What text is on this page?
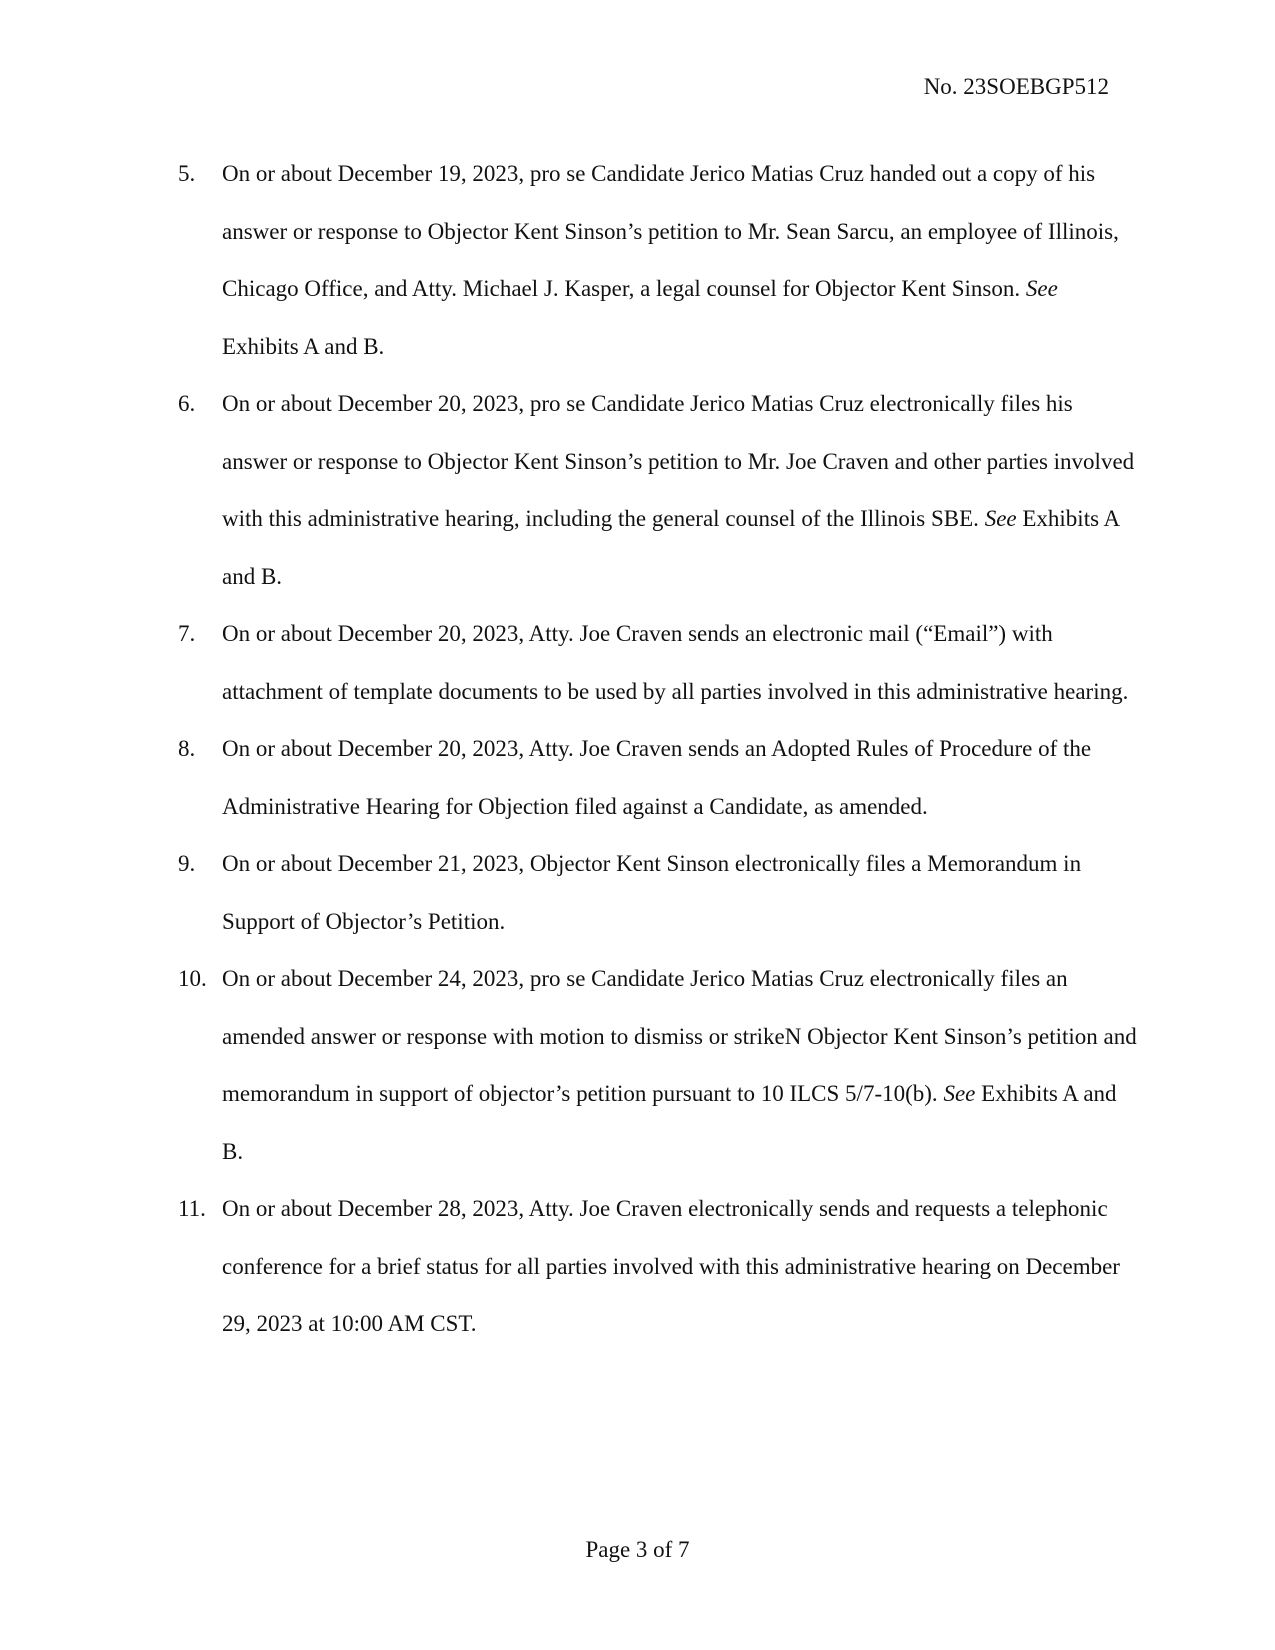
No. 23SOEBGP512
5.	On or about December 19, 2023, pro se Candidate Jerico Matias Cruz handed out a copy of his answer or response to Objector Kent Sinson’s petition to Mr. Sean Sarcu, an employee of Illinois, Chicago Office, and Atty. Michael J. Kasper, a legal counsel for Objector Kent Sinson. See Exhibits A and B.
6.	On or about December 20, 2023, pro se Candidate Jerico Matias Cruz electronically files his answer or response to Objector Kent Sinson’s petition to Mr. Joe Craven and other parties involved with this administrative hearing, including the general counsel of the Illinois SBE. See Exhibits A and B.
7.	On or about December 20, 2023, Atty. Joe Craven sends an electronic mail (“Email”) with attachment of template documents to be used by all parties involved in this administrative hearing.
8.	On or about December 20, 2023, Atty. Joe Craven sends an Adopted Rules of Procedure of the Administrative Hearing for Objection filed against a Candidate, as amended.
9.	On or about December 21, 2023, Objector Kent Sinson electronically files a Memorandum in Support of Objector’s Petition.
10. On or about December 24, 2023, pro se Candidate Jerico Matias Cruz electronically files an amended answer or response with motion to dismiss or strikeN Objector Kent Sinson’s petition and memorandum in support of objector’s petition pursuant to 10 ILCS 5/7-10(b). See Exhibits A and B.
11. On or about December 28, 2023, Atty. Joe Craven electronically sends and requests a telephonic conference for a brief status for all parties involved with this administrative hearing on December 29, 2023 at 10:00 AM CST.
Page 3 of 7
